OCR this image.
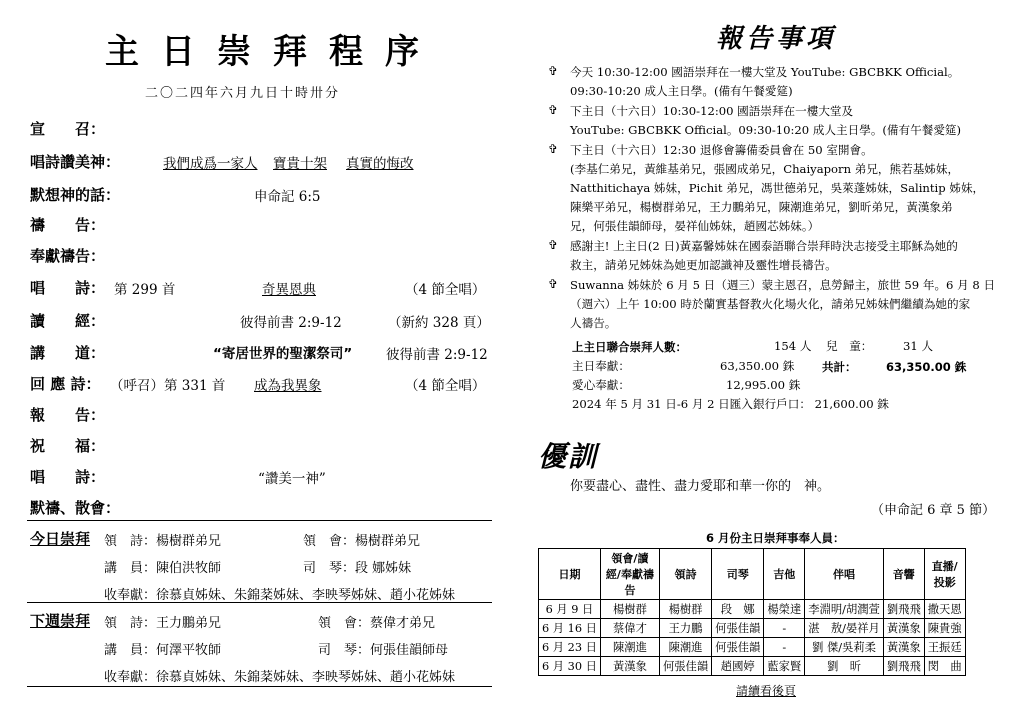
主日崇拜程序
二〇二四年六月九日十時卅分
宣　　召：
唱詩讚美神：	我們成爲一家人 寶貴十架 真實的悔改
默想神的話：	申命記 6:5
禱　　告：
奉獻禱告：
唱　　詩： 第 299 首	奇異恩典	（4 節全唱）
讀　　經：	彼得前書 2:9-12	（新約 328 頁）
講　　道：	“寄居世界的聖潔祭司”	彼得前書 2:9-12
回 應 詩： （呼召）第 331 首 成為我異象	（4 節全唱）
報　　告：
祝　　福：
唱　　詩：	“讚美一神”
默禱、散會：
今日崇拜 領　詩：楊樹群弟兄	領　會：楊樹群弟兄
講　員：陳伯洪牧師	司　琴：段 娜姊妹
收奉獻：徐慕貞姊妹、朱錦棻姊妹、李映琴姊妹、趙小花姊妹
下週崇拜 領　詩：王力鵬弟兄	領　會：蔡偉才弟兄
講　員：何澤平牧師	司　琴：何張佳韻師母
收奉獻：徐慕貞姊妹、朱錦棻姊妹、李映琴姊妹、趙小花姊妹
報告事項
✞ 今天 10:30-12:00 國語崇拜在一樓大堂及 YouTube: GBCBKK Official。
09:30-10:20 成人主日學。(備有午餐愛筵)
✞ 下主日（十六日）10:30-12:00 國語崇拜在一樓大堂及
YouTube: GBCBKK Official。09:30-10:20 成人主日學。(備有午餐愛筵)
✞ 下主日（十六日）12:30 退修會籌備委員會在 50 室開會。
(李基仁弟兄，黃維基弟兄，張國成弟兄，Chaiyaporn 弟兄，熊若基姊妹，
Natthitichaya 姊妹，Pichit 弟兄，馮世德弟兄，吳萊蓬姊妹，Salintip 姊妹，
陳樂平弟兄，楊樹群弟兄，王力鵬弟兄，陳潮進弟兄，劉昕弟兄，黃漢象弟
兄，何張佳韻師母，晏祥仙姊妹，趙國芯姊妹。）
✞ 感謝主! 上主日(2 日)黃嘉馨姊妹在國泰語聯合崇拜時決志接受主耶穌為她的
救主，請弟兄姊妹為她更加認識神及靈性增長禱告。
✞ Suwanna 姊妹於 6 月 5 日（週三）蒙主恩召，息勞歸主，旅世 59 年。6 月 8 日
（週六）上午 10:00 時於蘭實基督教火化場火化，請弟兄姊妹們繼續為她的家
人禱告。
上主日聯合崇拜人數：	154 人 兒　童：	31 人
主日奉獻：	63,350.00 銖 共計：	63,350.00 銖
愛心奉獻：	12,995.00 銖
2024 年 5 月 31 日-6 月 2 日匯入銀行戶口： 21,600.00 銖
優訓
你要盡心、盡性、盡力愛耶和華一你的　神。
（申命記 6 章 5 節）
6 月份主日崇拜事奉人員：
日期	領會/讀經/奉獻禱告	領詩	司琴	吉他	伴唱	音響	直播/投影
6 月 9 日	楊樹群	楊樹群	段　娜	楊榮達	李淵明/胡潤萱	劉飛飛	撒天恩
6 月 16 日	蔡偉才	王力鵬	何張佳韻	-	湛　敖/晏祥月	黃漢象	陳貴強
6 月 23 日	陳潮進	陳潮進	何張佳韻	-	劉 傑/吳莉柔	黃漢象	王振廷
6 月 30 日	黃漢象	何張佳韻	趙國婷	藍家賢	劉　昕	劉飛飛	閔　曲
請續看後頁
